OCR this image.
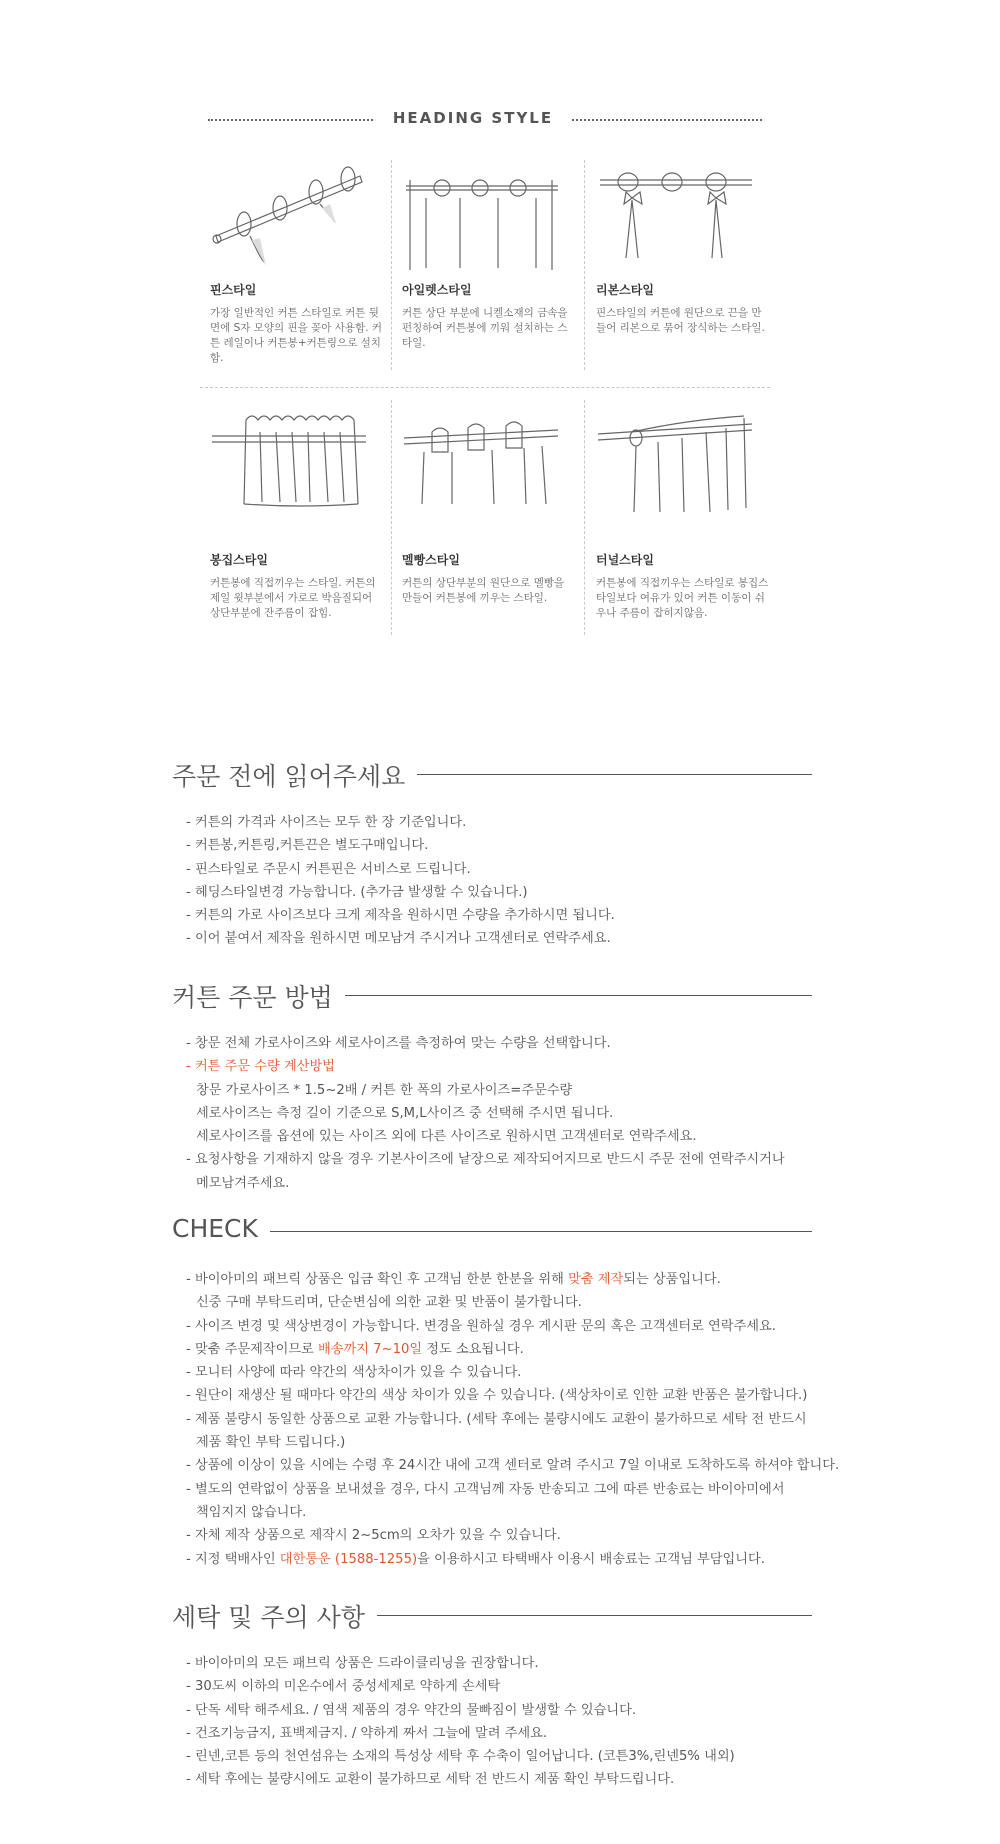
HEADING STYLE
핀스타일
가장 일반적인 커튼 스타일로 커튼 뒷 면에 S자 모양의 핀을 꽂아 사용함. 커튼 레일이나 커튼봉+커튼링으로 설치함.
아일렛스타일
커튼 상단 부분에 니켈소재의 금속을 펀칭하여 커튼봉에 끼워 설치하는 스타일.
리본스타일
핀스타일의 커튼에 원단으로 끈을 만들어 리본으로 묶어 장식하는 스타일.
봉집스타일
커튼봉에 직접끼우는 스타일. 커튼의 제일 윗부분에서 가로로 박음질되어 상단부분에 잔주름이 잡힘.
멜빵스타일
커튼의 상단부분의 원단으로 멜빵을 만들어 커튼봉에 끼우는 스타일.
터널스타일
커튼봉에 직접끼우는 스타일로 봉집스타일보다 여유가 있어 커튼 이동이 쉬우나 주름이 잡히지않음.
주문 전에 읽어주세요
- 커튼의 가격과 사이즈는 모두 한 장 기준입니다.
- 커튼봉,커튼링,커튼끈은 별도구매입니다.
- 핀스타일로 주문시 커튼핀은 서비스로 드립니다.
- 헤딩스타일변경 가능합니다. (추가금 발생할 수 있습니다.)
- 커튼의 가로 사이즈보다 크게 제작을 원하시면 수량을 추가하시면 됩니다.
- 이어 붙여서 제작을 원하시면 메모남겨 주시거나 고객센터로 연락주세요.
커튼 주문 방법
- 창문 전체 가로사이즈와 세로사이즈를 측정하여 맞는 수량을 선택합니다.
- 커튼 주문 수량 계산방법
창문 가로사이즈 * 1.5~2배 / 커튼 한 폭의 가로사이즈=주문수량
세로사이즈는 측정 길이 기준으로 S,M,L사이즈 중 선택해 주시면 됩니다.
세로사이즈를 옵션에 있는 사이즈 외에 다른 사이즈로 원하시면 고객센터로 연락주세요.
- 요청사항을 기재하지 않을 경우 기본사이즈에 낱장으로 제작되어지므로 반드시 주문 전에 연락주시거나
메모남겨주세요.
CHECK
- 바이아미의 패브릭 상품은 입금 확인 후 고객님 한분 한분을 위해 맞춤 제작되는 상품입니다.
신중 구매 부탁드리며, 단순변심에 의한 교환 및 반품이 불가합니다.
- 사이즈 변경 및 색상변경이 가능합니다. 변경을 원하실 경우 게시판 문의 혹은 고객센터로 연락주세요.
- 맞춤 주문제작이므로 배송까지 7~10일 정도 소요됩니다.
- 모니터 사양에 따라 약간의 색상차이가 있을 수 있습니다.
- 원단이 재생산 될 때마다 약간의 색상 차이가 있을 수 있습니다. (색상차이로 인한 교환 반품은 불가합니다.)
- 제품 불량시 동일한 상품으로 교환 가능합니다. (세탁 후에는 불량시에도 교환이 불가하므로 세탁 전 반드시
제품 확인 부탁 드립니다.)
- 상품에 이상이 있을 시에는 수령 후 24시간 내에 고객 센터로 알려 주시고 7일 이내로 도착하도록 하셔야 합니다.
- 별도의 연락없이 상품을 보내셨을 경우, 다시 고객님께 자동 반송되고 그에 따른 반송료는 바이아미에서
책임지지 않습니다.
- 자체 제작 상품으로 제작시 2~5cm의 오차가 있을 수 있습니다.
- 지정 택배사인 대한통운 (1588-1255)을 이용하시고 타택배사 이용시 배송료는 고객님 부담입니다.
세탁 및 주의 사항
- 바이아미의 모든 패브릭 상품은 드라이클리닝을 권장합니다.
- 30도씨 이하의 미온수에서 중성세제로 약하게 손세탁
- 단독 세탁 해주세요. / 염색 제품의 경우 약간의 물빠짐이 발생할 수 있습니다.
- 건조기능금지, 표백제금지. / 약하게 짜서 그늘에 말려 주세요.
- 린넨,코튼 등의 천연섬유는 소재의 특성상 세탁 후 수축이 일어납니다. (코튼3%,린넨5% 내외)
- 세탁 후에는 불량시에도 교환이 불가하므로 세탁 전 반드시 제품 확인 부탁드립니다.
